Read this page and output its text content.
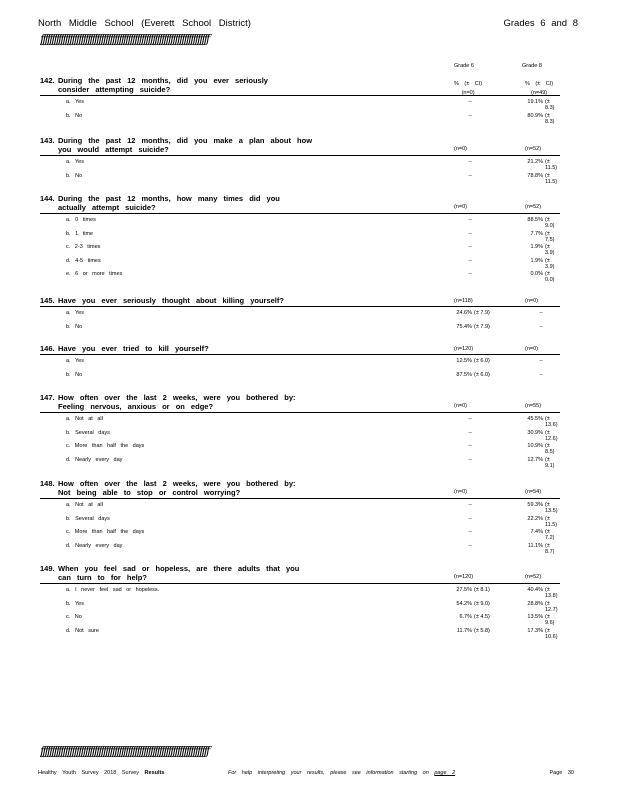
North Middle School (Everett School District)	Grades 6 and 8
ƒƒƒƒƒƒƒƒƒƒƒƒƒƒƒƒƒƒƒƒƒƒƒƒƒƒƒƒƒƒƒƒƒƒƒƒƒƒƒƒƒƒƒƒƒƒƒƒƒƒƒƒƒƒƒƒƒƒƒƒƒƒƒƒƒƒƒƒƒƒƒƒƒƒƒ
Grade 6	Grade 8
142. During the past 12 months, did you ever seriously
consider attempting suicide?
% (± CI)
(n=0)
% (± CI)
(n=49)
a. Yes	--	19.1% (± 8.3)
b. No	--	80.9% (± 8.3)
143. During the past 12 months, did you make a plan about how
you would attempt suicide?	(n=0)	(n=52)
a. Yes	--	21.2% (± 11.5)
b. No	--	78.8% (± 11.5)
144. During the past 12 months, how many times did you
actually attempt suicide?	(n=0)	(n=52)
a. 0 times	--	88.5% (± 9.0)
b. 1 time	--	7.7% (± 7.5)
c. 2-3 times	--	1.9% (± 3.9)
d. 4-5 times	--	1.9% (± 3.9)
e. 6 or more times	--	0.0% (± 0.0)
145. Have you ever seriously thought about killing yourself?	(n=118)	(n=0)
a. Yes	24.6% (± 7.9)	--
b. No	75.4% (± 7.9)	--
146. Have you ever tried to kill yourself?	(n=120)	(n=0)
a. Yes	12.5% (± 6.0)	--
b. No	87.5% (± 6.0)	--
147. How often over the last 2 weeks, were you bothered by:
Feeling nervous, anxious or on edge?	(n=0)	(n=55)
a. Not at all	--	45.5% (± 13.6)
b. Several days	--	30.9% (± 12.6)
c. More than half the days	--	10.9% (± 8.5)
d. Nearly every day	--	12.7% (± 9.1)
148. How often over the last 2 weeks, were you bothered by:
Not being able to stop or control worrying?	(n=0)	(n=54)
a. Not at all	--	59.3% (± 13.5)
b. Several days	--	22.2% (± 11.5)
c. More than half the days	--	7.4% (± 7.2)
d. Nearly every day	--	11.1% (± 8.7)
149. When you feel sad or hopeless, are there adults that you
can turn to for help?	(n=120)	(n=52)
a. I never feel sad or hopeless.	27.5% (± 8.1)	40.4% (± 13.8)
b. Yes	54.2% (± 9.0)	28.8% (± 12.7)
c. No	6.7% (± 4.5)	13.5% (± 9.6)
d. Not sure	11.7% (± 5.8)	17.3% (± 10.6)
ƒƒƒƒƒƒƒƒƒƒƒƒƒƒƒƒƒƒƒƒƒƒƒƒƒƒƒƒƒƒƒƒƒƒƒƒƒƒƒƒƒƒƒƒƒƒƒƒƒƒƒƒƒƒƒƒƒƒƒƒƒƒƒƒƒƒƒƒƒƒƒƒƒƒƒ
Healthy Youth Survey 2018 Survey Results	For help interpreting your results, please see information starting on page 2	Page 30
